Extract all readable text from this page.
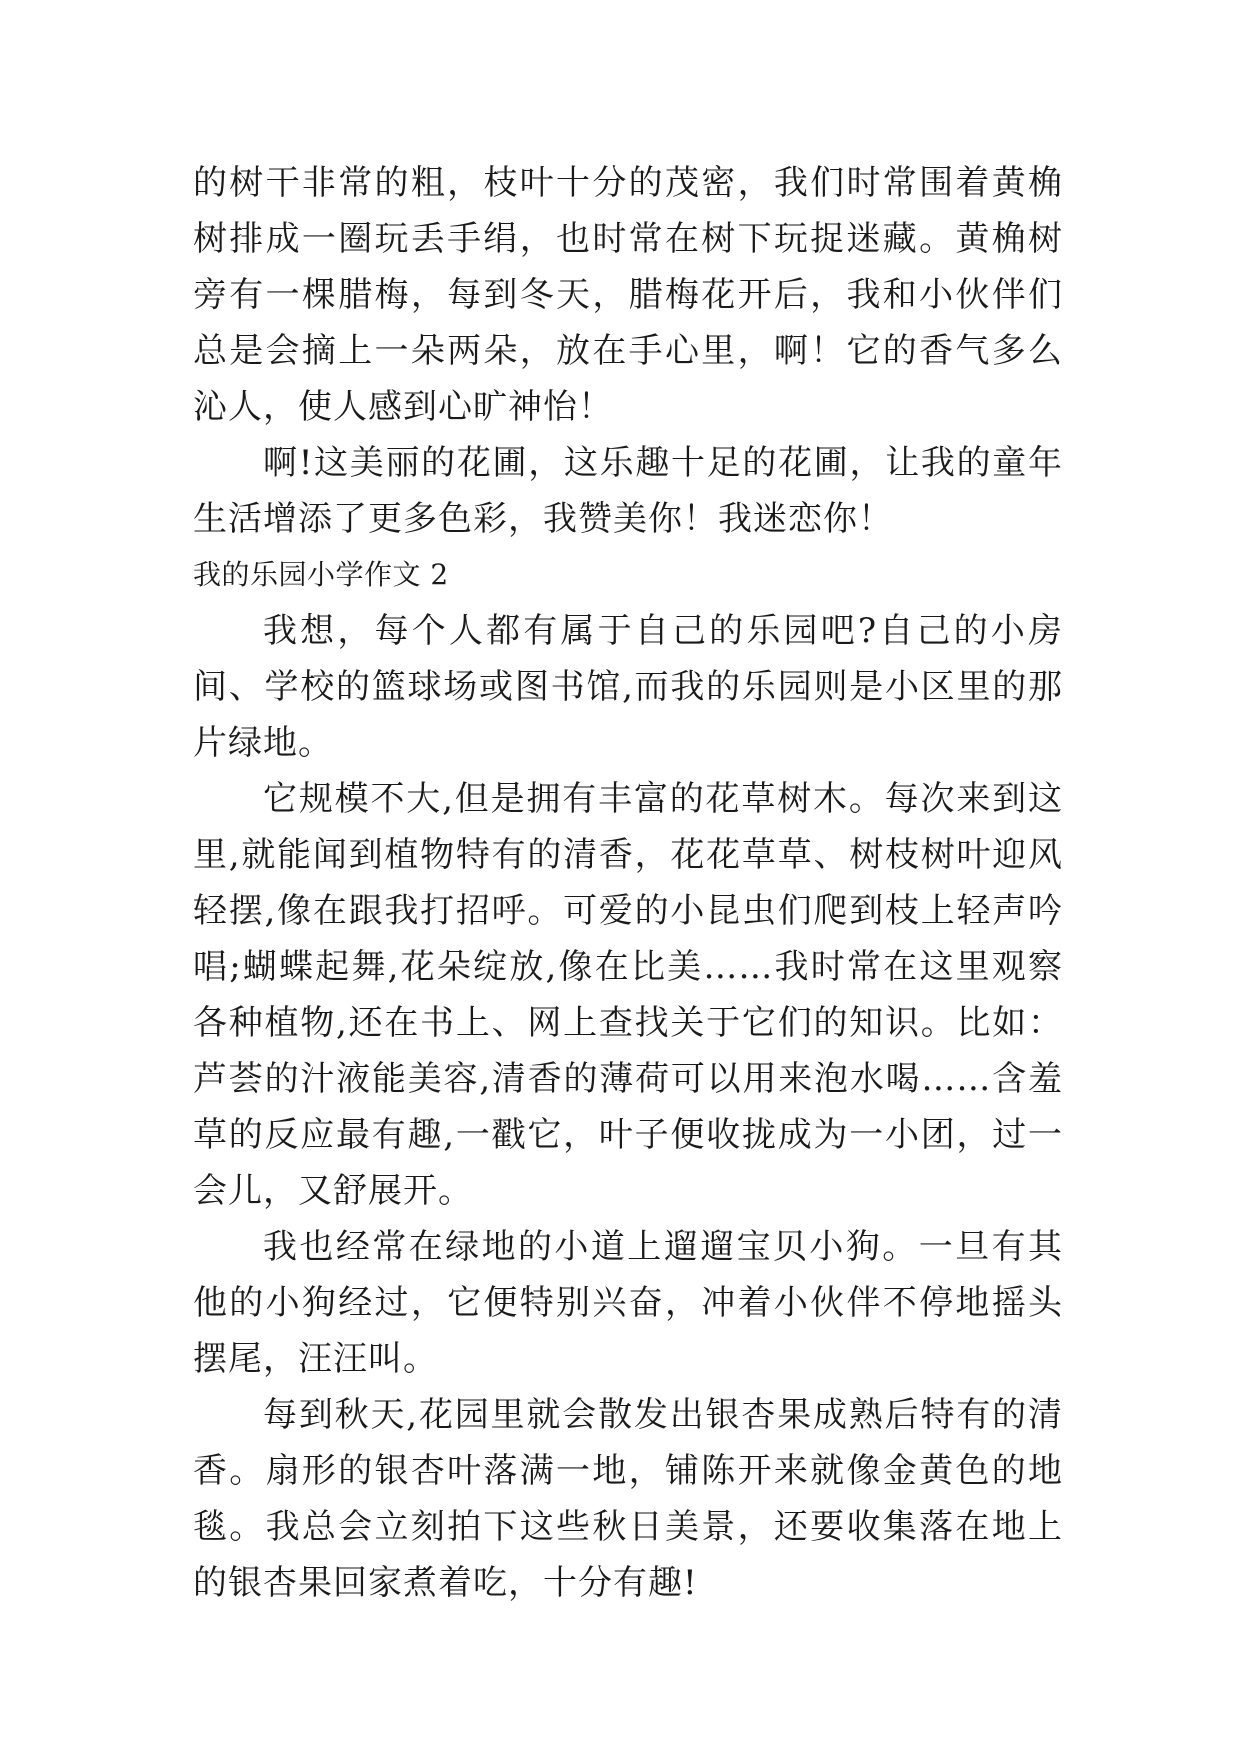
的树干非常的粗，枝叶十分的茂密，我们时常围着黄桷树排成一圈玩丢手绢，也时常在树下玩捉迷藏。黄桷树旁有一棵腊梅，每到冬天，腊梅花开后，我和小伙伴们总是会摘上一朵两朵，放在手心里，啊！它的香气多么沁人，使人感到心旷神怡！

啊!这美丽的花圃，这乐趣十足的花圃，让我的童年生活增添了更多色彩，我赞美你！我迷恋你！

我的乐园小学作文 2

我想，每个人都有属于自己的乐园吧?自己的小房间、学校的篮球场或图书馆,而我的乐园则是小区里的那片绿地。

它规模不大,但是拥有丰富的花草树木。每次来到这里,就能闻到植物特有的清香，花花草草、树枝树叶迎风轻摆,像在跟我打招呼。可爱的小昆虫们爬到枝上轻声吟唱;蝴蝶起舞,花朵绽放,像在比美……我时常在这里观察各种植物,还在书上、网上查找关于它们的知识。比如：芦荟的汁液能美容,清香的薄荷可以用来泡水喝……含羞草的反应最有趣,一戳它，叶子便收拢成为一小团，过一会儿，又舒展开。

我也经常在绿地的小道上遛遛宝贝小狗。一旦有其他的小狗经过，它便特别兴奋，冲着小伙伴不停地摇头摆尾，汪汪叫。

每到秋天,花园里就会散发出银杏果成熟后特有的清香。扇形的银杏叶落满一地，铺陈开来就像金黄色的地毯。我总会立刻拍下这些秋日美景，还要收集落在地上的银杏果回家煮着吃，十分有趣!
